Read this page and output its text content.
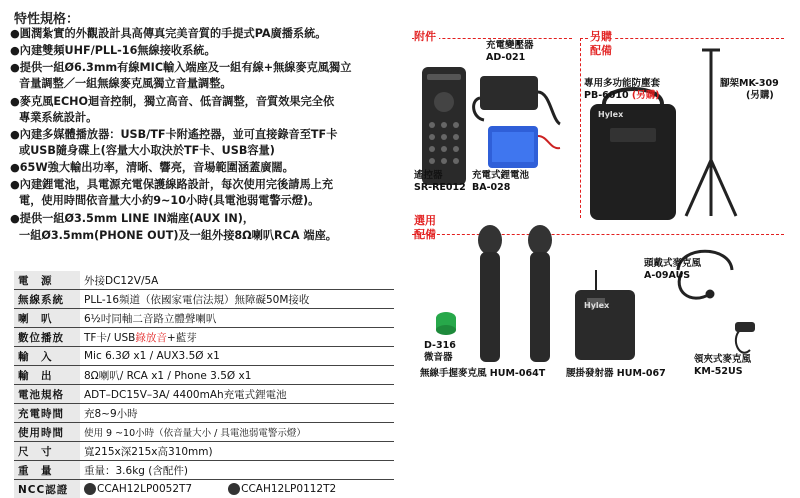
特性規格：
●圓潤紮實的外觀設計具高傳真完美音質的手提式PA廣播系統。
●內建雙頻UHF/PLL-16無線接收系統。
●提供一組Ø6.3mm有線MIC輸入端座及一組有線+無線麥克風獨立
音量調整／一組無線麥克風獨立音量調整。
●麥克風ECHO迴音控制，獨立高音、低音調整，音質效果完全依
專業系統設計。
●內建多媒體播放器：USB/TF卡附遙控器，並可直接錄音至TF卡
或USB隨身碟上(容量大小取決於TF卡、USB容量)
●65W強大輸出功率，清晰、響亮，音場範圍涵蓋廣闊。
●內建鋰電池，具電源充電保護線路設計，每次使用完後請馬上充
電，使用時間依音量大小約9~10小時(具電池弱電警示燈)。
●提供一組Ø3.5mm LINE IN端座(AUX IN)，
一組Ø3.5mm(PHONE OUT)及一組外接8Ω喇叭RCA 端座。
電　源	外接DC12V/5A
無線系統	PLL-16頻道（依國家電信法規）無障礙50M接收
喇　叭	6½吋同軸二音路立體聲喇叭
數位播放	TF卡/ USB錄放音+藍芽
輸　入	Mic 6.3Ø x1 / AUX3.5Ø x1
輸　出	8Ω喇叭/ RCA x1 / Phone 3.5Ø x1
電池規格	ADT–DC15V–3A/ 4400mAh充電式鋰電池
充電時間	充8~9小時
使用時間	使用 9 ~10小時（依音量大小 / 具電池弱電警示燈）
尺　寸	寬215x深215x高310mm)
重　量	重量：3.6kg (含配件)
NCC認證	CCAH12LP0052T7 CCAH12LP0112T2
附件	另購
配備
選用
配備
充電變壓器
AD-021
遙控器
SR-RE012
充電式鋰電池
BA-028
專用多功能防塵套
PB-6010 (另購)
腳架MK-309
(另購)
D-316
微音器
無線手握麥克風 HUM-064T 腰掛發射器 HUM-067
頭戴式麥克風
A-09AUS
領夾式麥克風
KM-52US
Hylex
Hylex
